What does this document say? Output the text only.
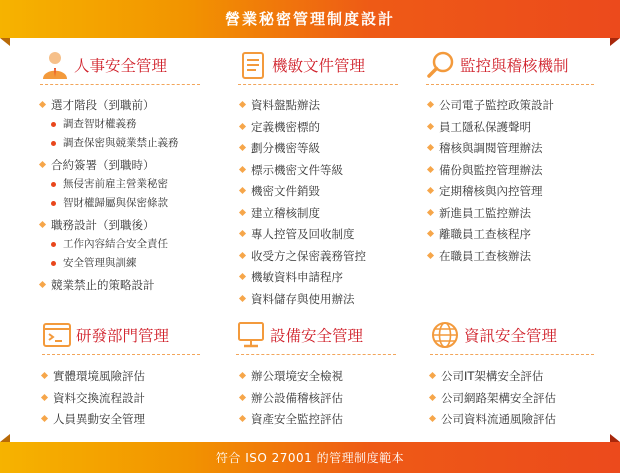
營業秘密管理制度設計
人事安全管理
選才階段（到職前）
調查智財權義務
調查保密與競業禁止義務
合約簽署（到職時）
無侵害前雇主營業秘密
智財權歸屬與保密條款
職務設計（到職後）
工作內容結合安全責任
安全管理與訓練
競業禁止的策略設計
機敏文件管理
資料盤點辦法
定義機密標的
劃分機密等級
標示機密文件等級
機密文件銷毀
建立稽核制度
專人控管及回收制度
收受方之保密義務管控
機敏資料申請程序
資料儲存與使用辦法
監控與稽核機制
公司電子監控政策設計
員工隱私保護聲明
稽核與調閱管理辦法
備份與監控管理辦法
定期稽核與內控管理
新進員工監控辦法
離職員工查核程序
在職員工查核辦法
研發部門管理
實體環境風險評估
資料交換流程設計
人員異動安全管理
設備安全管理
辦公環境安全檢視
辦公設備稽核評估
資產安全監控評估
資訊安全管理
公司IT架構安全評估
公司網路架構安全評估
公司資料流通風險評估
符合 ISO 27001 的管理制度範本
